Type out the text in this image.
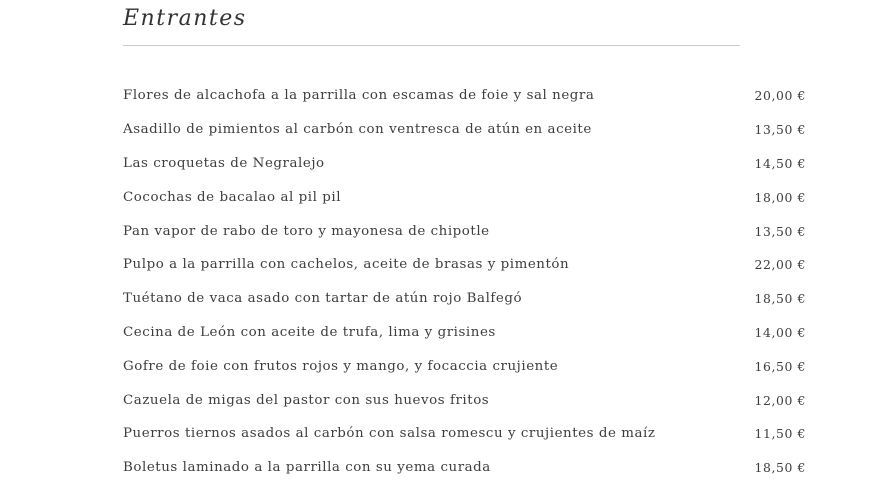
Entrantes
Flores de alcachofa a la parrilla con escamas de foie y sal negra	20,00 €
Asadillo de pimientos al carbón con ventresca de atún en aceite	13,50 €
Las croquetas de Negralejo	14,50 €
Cocochas de bacalao al pil pil	18,00 €
Pan vapor de rabo de toro y mayonesa de chipotle	13,50 €
Pulpo a la parrilla con cachelos, aceite de brasas y pimentón	22,00 €
Tuétano de vaca asado con tartar de atún rojo Balfegó	18,50 €
Cecina de León con aceite de trufa, lima y grisines	14,00 €
Gofre de foie con frutos rojos y mango, y focaccia crujiente	16,50 €
Cazuela de migas del pastor con sus huevos fritos	12,00 €
Puerros tiernos asados al carbón con salsa romescu y crujientes de maíz	11,50 €
Boletus laminado a la parrilla con su yema curada	18,50 €
